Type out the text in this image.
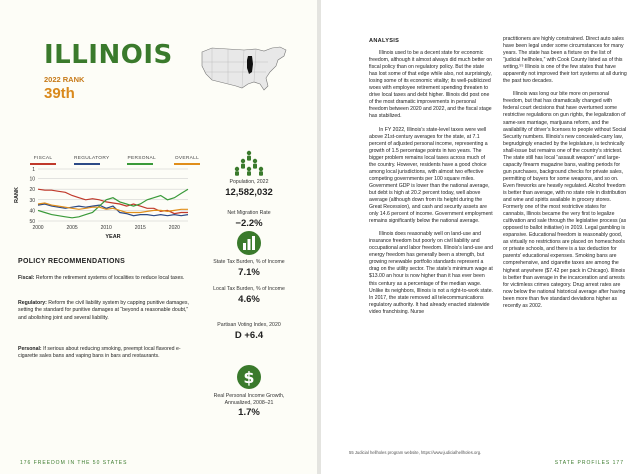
ILLINOIS
2022 RANK
39th
FISCAL	REGULATORY	PERSONAL	OVERALL
1
10
20
30
40
50
2000	2005	2010	2015	2020
YEAR
RANK
Population, 2022
12,582,032
Net Migration Rate
−2.2%
State Tax Burden, % of Income
7.1%
Local Tax Burden, % of Income
4.6%
Partisan Voting Index, 2020
D +6.4
$
Real Personal Income Growth, Annualized, 2008–21
1.7%
POLICY RECOMMENDATIONS
Fiscal: Reform the retirement systems of localities to reduce local taxes.
Regulatory: Reform the civil liability system by capping punitive damages, setting the standard for punitive damages at “beyond a reasonable doubt,” and abolishing joint and several liability.
Personal: If serious about reducing smoking, preempt local flavored e-cigarette sales bans and vaping bans in bars and restaurants.
176 FREEDOM IN THE 50 STATES
ANALYSIS

Illinois used to be a decent state for economic freedom, although it almost always did much better on fiscal policy than on regulatory policy. But the state has lost some of that edge while also, not surprisingly, losing some of its economic vitality; its well-publicized woes with employee retirement spending threaten to drive local taxes and debt higher. Illinois did post one of the most dramatic improvements in personal freedom between 2020 and 2022, and the fiscal stage has stabilized.

In FY 2022, Illinois’s state-level taxes were well above 21st-century averages for the state, at 7.1 percent of adjusted personal income, representing a growth of 1.5 percentage points in two years. The bigger problem remains local taxes across much of the country. However, residents have a good choice among local jurisdictions, with almost two effective competing governments per 100 square miles. Government GDP is lower than the national average, but debt is high at 20.2 percent today, well above average (although down from its height during the Great Recession), and cash and security assets are only 14.6 percent of income. Government employment remains significantly below the national average.

Illinois does reasonably well on land-use and insurance freedom but poorly on civil liability and occupational and labor freedom. Illinois’s land-use and energy freedom has generally been a strength, but growing renewable portfolio standards represent a drag on the utility sector. The state’s minimum wage at $13.00 an hour is now higher than it has ever been this century as a percentage of the median wage. Unlike its neighbors, Illinois is not a right-to-work state. In 2017, the state removed all telecommunications regulatory authority. It had already enacted statewide video franchising. Nurse

practitioners are highly constrained. Direct auto sales have been legal under some circumstances for many years. The state has been a fixture on the list of “judicial hellholes,” with Cook County listed as of this writing.⁵⁵ Illinois is one of the few states that have apparently not improved their tort systems at all during the past two decades.

Illinois was long our bite more on personal freedom, but that has dramatically changed with federal court decisions that have overturned some restrictive regulations on gun rights, the legalization of same-sex marriage, marijuana reform, and the availability of driver’s licenses to people without Social Security numbers. Illinois’s new concealed-carry law, begrudgingly enacted by the legislature, is technically shall-issue but remains one of the country’s strictest. The state still has local “assault weapon” and large-capacity firearm magazine bans, waiting periods for gun purchases, background checks for private sales, permitting of buyers for some weapons, and so on. Even fireworks are heavily regulated. Alcohol freedom is better than average, with no state role in distribution and wine and spirits available in grocery stores. Formerly one of the most restrictive states for cannabis, Illinois became the very first to legalize cultivation and sale through the legislative process (as opposed to ballot initiative) in 2019. Legal gambling is expansive. Educational freedom is reasonably good, as virtually no restrictions are placed on homeschools or private schools, and there is a tax deduction for parents’ educational expenses. Smoking bans are comprehensive, and cigarette taxes are among the highest anywhere ($7.42 per pack in Chicago). Illinois is better than average in the incarceration and arrests for victimless crimes category. Drug arrest rates are now below the national historical average after having been more than five standard deviations higher as recently as 2002.

55 Judicial hellholes program website, https://www.judicialhellholes.org.
STATE PROFILES 177
